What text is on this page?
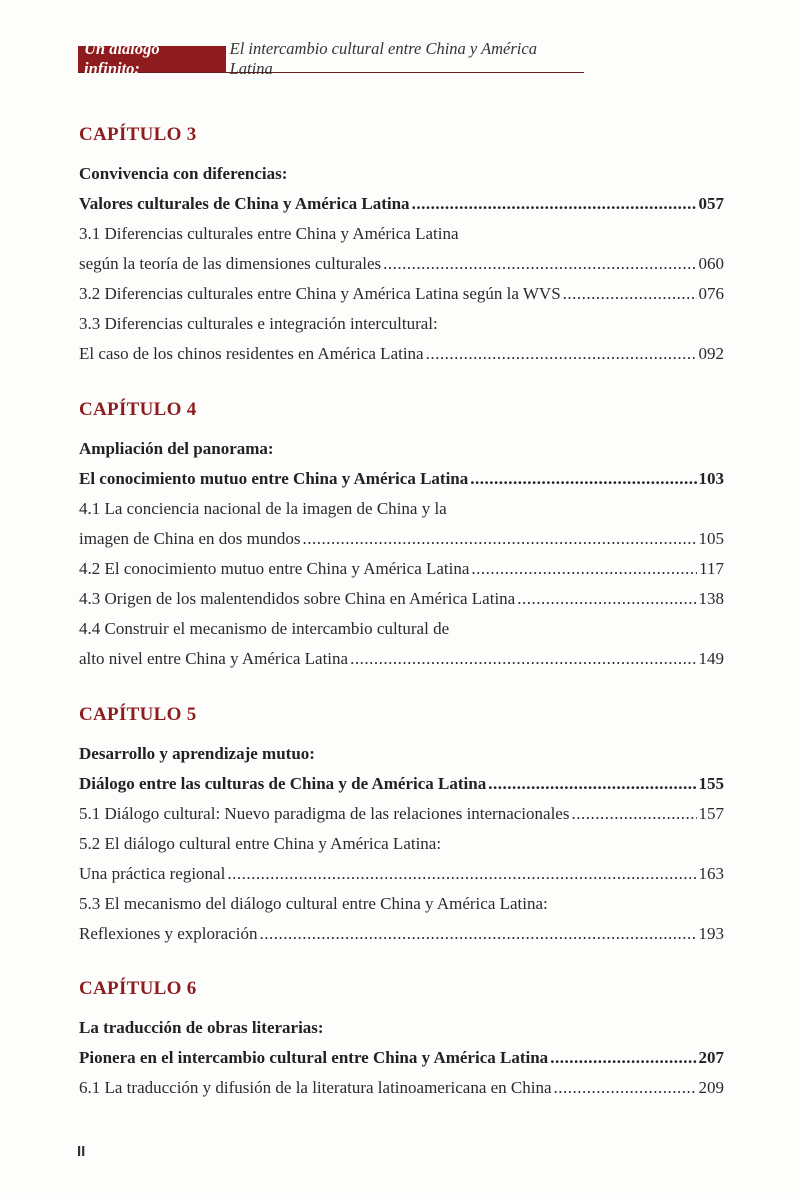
Un diálogo infinito:
El intercambio cultural entre China y América Latina
CAPÍTULO 3
Convivencia con diferencias:
Valores culturales de China y América Latina .....	057
3.1 Diferencias culturales entre China y América Latina
según la teoría de las dimensiones culturales .....	060
3.2 Diferencias culturales entre China y América Latina según la WVS .....	076
3.3 Diferencias culturales e integración intercultural:
El caso de los chinos residentes en América Latina .....	092
CAPÍTULO 4
Ampliación del panorama:
El conocimiento mutuo entre China y América Latina .....	103
4.1 La conciencia nacional de la imagen de China y la
imagen de China en dos mundos .....	105
4.2 El conocimiento mutuo entre China y América Latina .....	117
4.3 Origen de los malentendidos sobre China en América Latina .....	138
4.4 Construir el mecanismo de intercambio cultural de
alto nivel entre China y América Latina .....	149
CAPÍTULO 5
Desarrollo y aprendizaje mutuo:
Diálogo entre las culturas de China y de América Latina .....	155
5.1 Diálogo cultural: Nuevo paradigma de las relaciones internacionales .....	157
5.2 El diálogo cultural entre China y América Latina:
Una práctica regional .....	163
5.3 El mecanismo del diálogo cultural entre China y América Latina:
Reflexiones y exploración .....	193
CAPÍTULO 6
La traducción de obras literarias:
Pionera en el intercambio cultural entre China y América Latina .....	207
6.1 La traducción y difusión de la literatura latinoamericana en China .....	209
II
